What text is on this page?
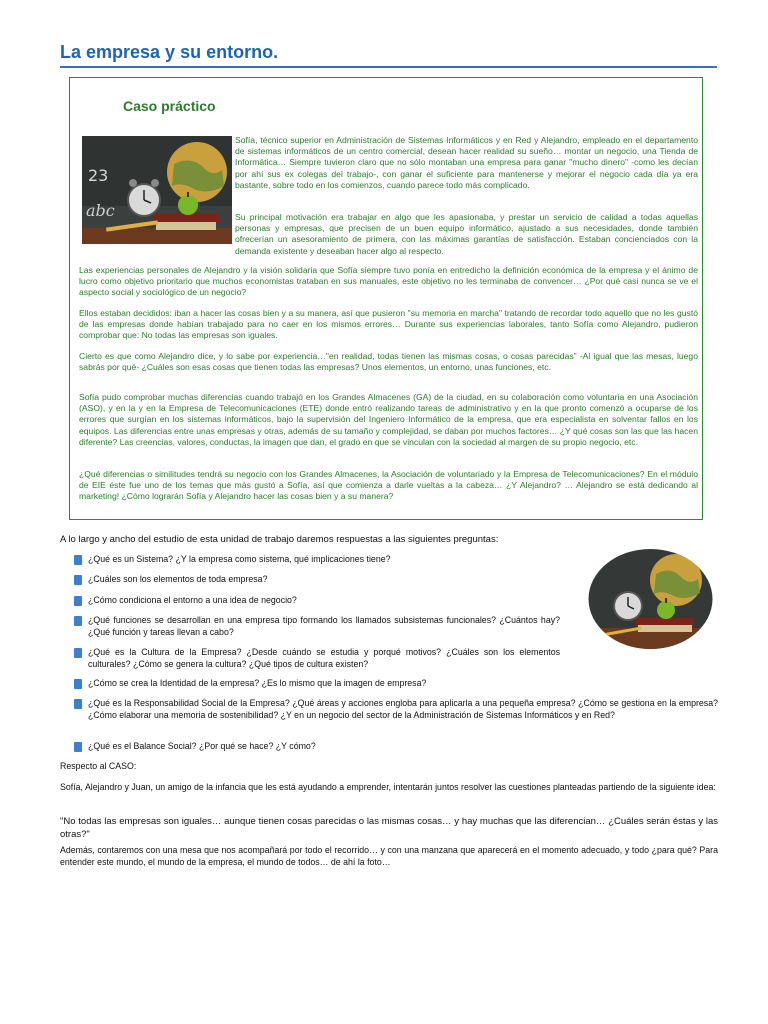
La empresa y su entorno.
Caso práctico
23
abc

Sofía, técnico superior en Administración de Sistemas Informáticos y en Red y Alejandro, empleado en el departamento de sistemas informáticos de un centro comercial, desean hacer realidad su sueño… montar un negocio, una Tienda de Informática… Siempre tuvieron claro que no sólo montaban una empresa para ganar "mucho dinero" -como les decían por ahí sus ex colegas del trabajo-, con ganar el suficiente para mantenerse y mejorar el negocio cada día ya era bastante, sobre todo en los comienzos, cuando parece todo más complicado.

Su principal motivación era trabajar en algo que les apasionaba, y prestar un servicio de calidad a todas aquellas personas y empresas, que precisen de un buen equipo informático, ajustado a sus necesidades, donde también ofrecerían un asesoramiento de primera, con las máximas garantías de satisfacción. Estaban concienciados con la demanda existente y deseaban hacer algo al respecto.

Las experiencias personales de Alejandro y la visión solidaria que Sofía siempre tuvo ponía en entredicho la definición económica de la empresa y el ánimo de lucro como objetivo prioritario que muchos economistas trataban en sus manuales, este objetivo no les terminaba de convencer… ¿Por qué casi nunca se ve el aspecto social y sociológico de un negocio?

Ellos estaban decididos: iban a hacer las cosas bien y a su manera, así que pusieron "su memoria en marcha" tratando de recordar todo aquello que no les gustó de las empresas donde habían trabajado para no caer en los mismos errores… Durante sus experiencias laborales, tanto Sofía como Alejandro, pudieron comprobar que: No todas las empresas son iguales.

Cierto es que como Alejandro dice, y lo sabe por experiencia…"en realidad, todas tienen las mismas cosas, o cosas parecidas" -Al igual que las mesas, luego sabrás por qué- ¿Cuáles son esas cosas que tienen todas las empresas? Unos elementos, un entorno, unas funciones, etc.

Sofía pudo comprobar muchas diferencias cuando trabajó en los Grandes Almacenes (GA) de la ciudad, en su colaboración como voluntaria en una Asociación (ASO), y en la y en la Empresa de Telecomunicaciones (ETE) donde entró realizando tareas de administrativo y en la que pronto comenzó a ocuparse de los errores que surgían en los sistemas informáticos, bajo la supervisión del Ingeniero Informático de la empresa, que era especialista en solventar fallos en los equipos. Las diferencias entre unas empresas y otras, además de su tamaño y complejidad, se daban por muchos factores… ¿Y qué cosas son las que las hacen diferente? Las creencias, valores, conductas, la imagen que dan, el grado en que se vinculan con la sociedad al margen de su propio negocio, etc.

¿Qué diferencias o similitudes tendrá su negocio con los Grandes Almacenes, la Asociación de voluntariado y la Empresa de Telecomunicaciones? En el módulo de EIE éste fue uno de los temas que más gustó a Sofía, así que comienza a darle vueltas a la cabeza… ¿Y Alejandro? … Alejandro se está dedicando al marketing! ¿Cómo lograrán Sofía y Alejandro hacer las cosas bien y a su manera?

A lo largo y ancho del estudio de esta unidad de trabajo daremos respuestas a las siguientes preguntas:

¿Qué es un Sistema? ¿Y la empresa como sistema, qué implicaciones tiene?
¿Cuáles son los elementos de toda empresa?
¿Cómo condiciona el entorno a una idea de negocio?
¿Qué funciones se desarrollan en una empresa tipo formando los llamados subsistemas funcionales? ¿Cuántos hay? ¿Qué función y tareas llevan a cabo?
¿Qué es la Cultura de la Empresa? ¿Desde cuándo se estudia y porqué motivos? ¿Cuáles son los elementos culturales? ¿Cómo se genera la cultura? ¿Qué tipos de cultura existen?
¿Cómo se crea la Identidad de la empresa? ¿Es lo mismo que la imagen de empresa?
¿Qué es la Responsabilidad Social de la Empresa? ¿Qué áreas y acciones engloba para aplicarla a una pequeña empresa? ¿Cómo se gestiona en la empresa? ¿Cómo elaborar una memoria de sostenibilidad? ¿Y en un negocio del sector de la Administración de Sistemas Informáticos y en Red?
¿Qué es el Balance Social? ¿Por qué se hace? ¿Y cómo?

Respecto al CASO:

Sofía, Alejandro y Juan, un amigo de la infancia que les está ayudando a emprender, intentarán juntos resolver las cuestiones planteadas partiendo de la siguiente idea:

"No todas las empresas son iguales… aunque tienen cosas parecidas o las mismas cosas… y hay muchas que las diferencian… ¿Cuáles serán éstas y las otras?"

Además, contaremos con una mesa que nos acompañará por todo el recorrido… y con una manzana que aparecerá en el momento adecuado, y todo ¿para qué? Para entender este mundo, el mundo de la empresa, el mundo de todos… de ahí la foto…
